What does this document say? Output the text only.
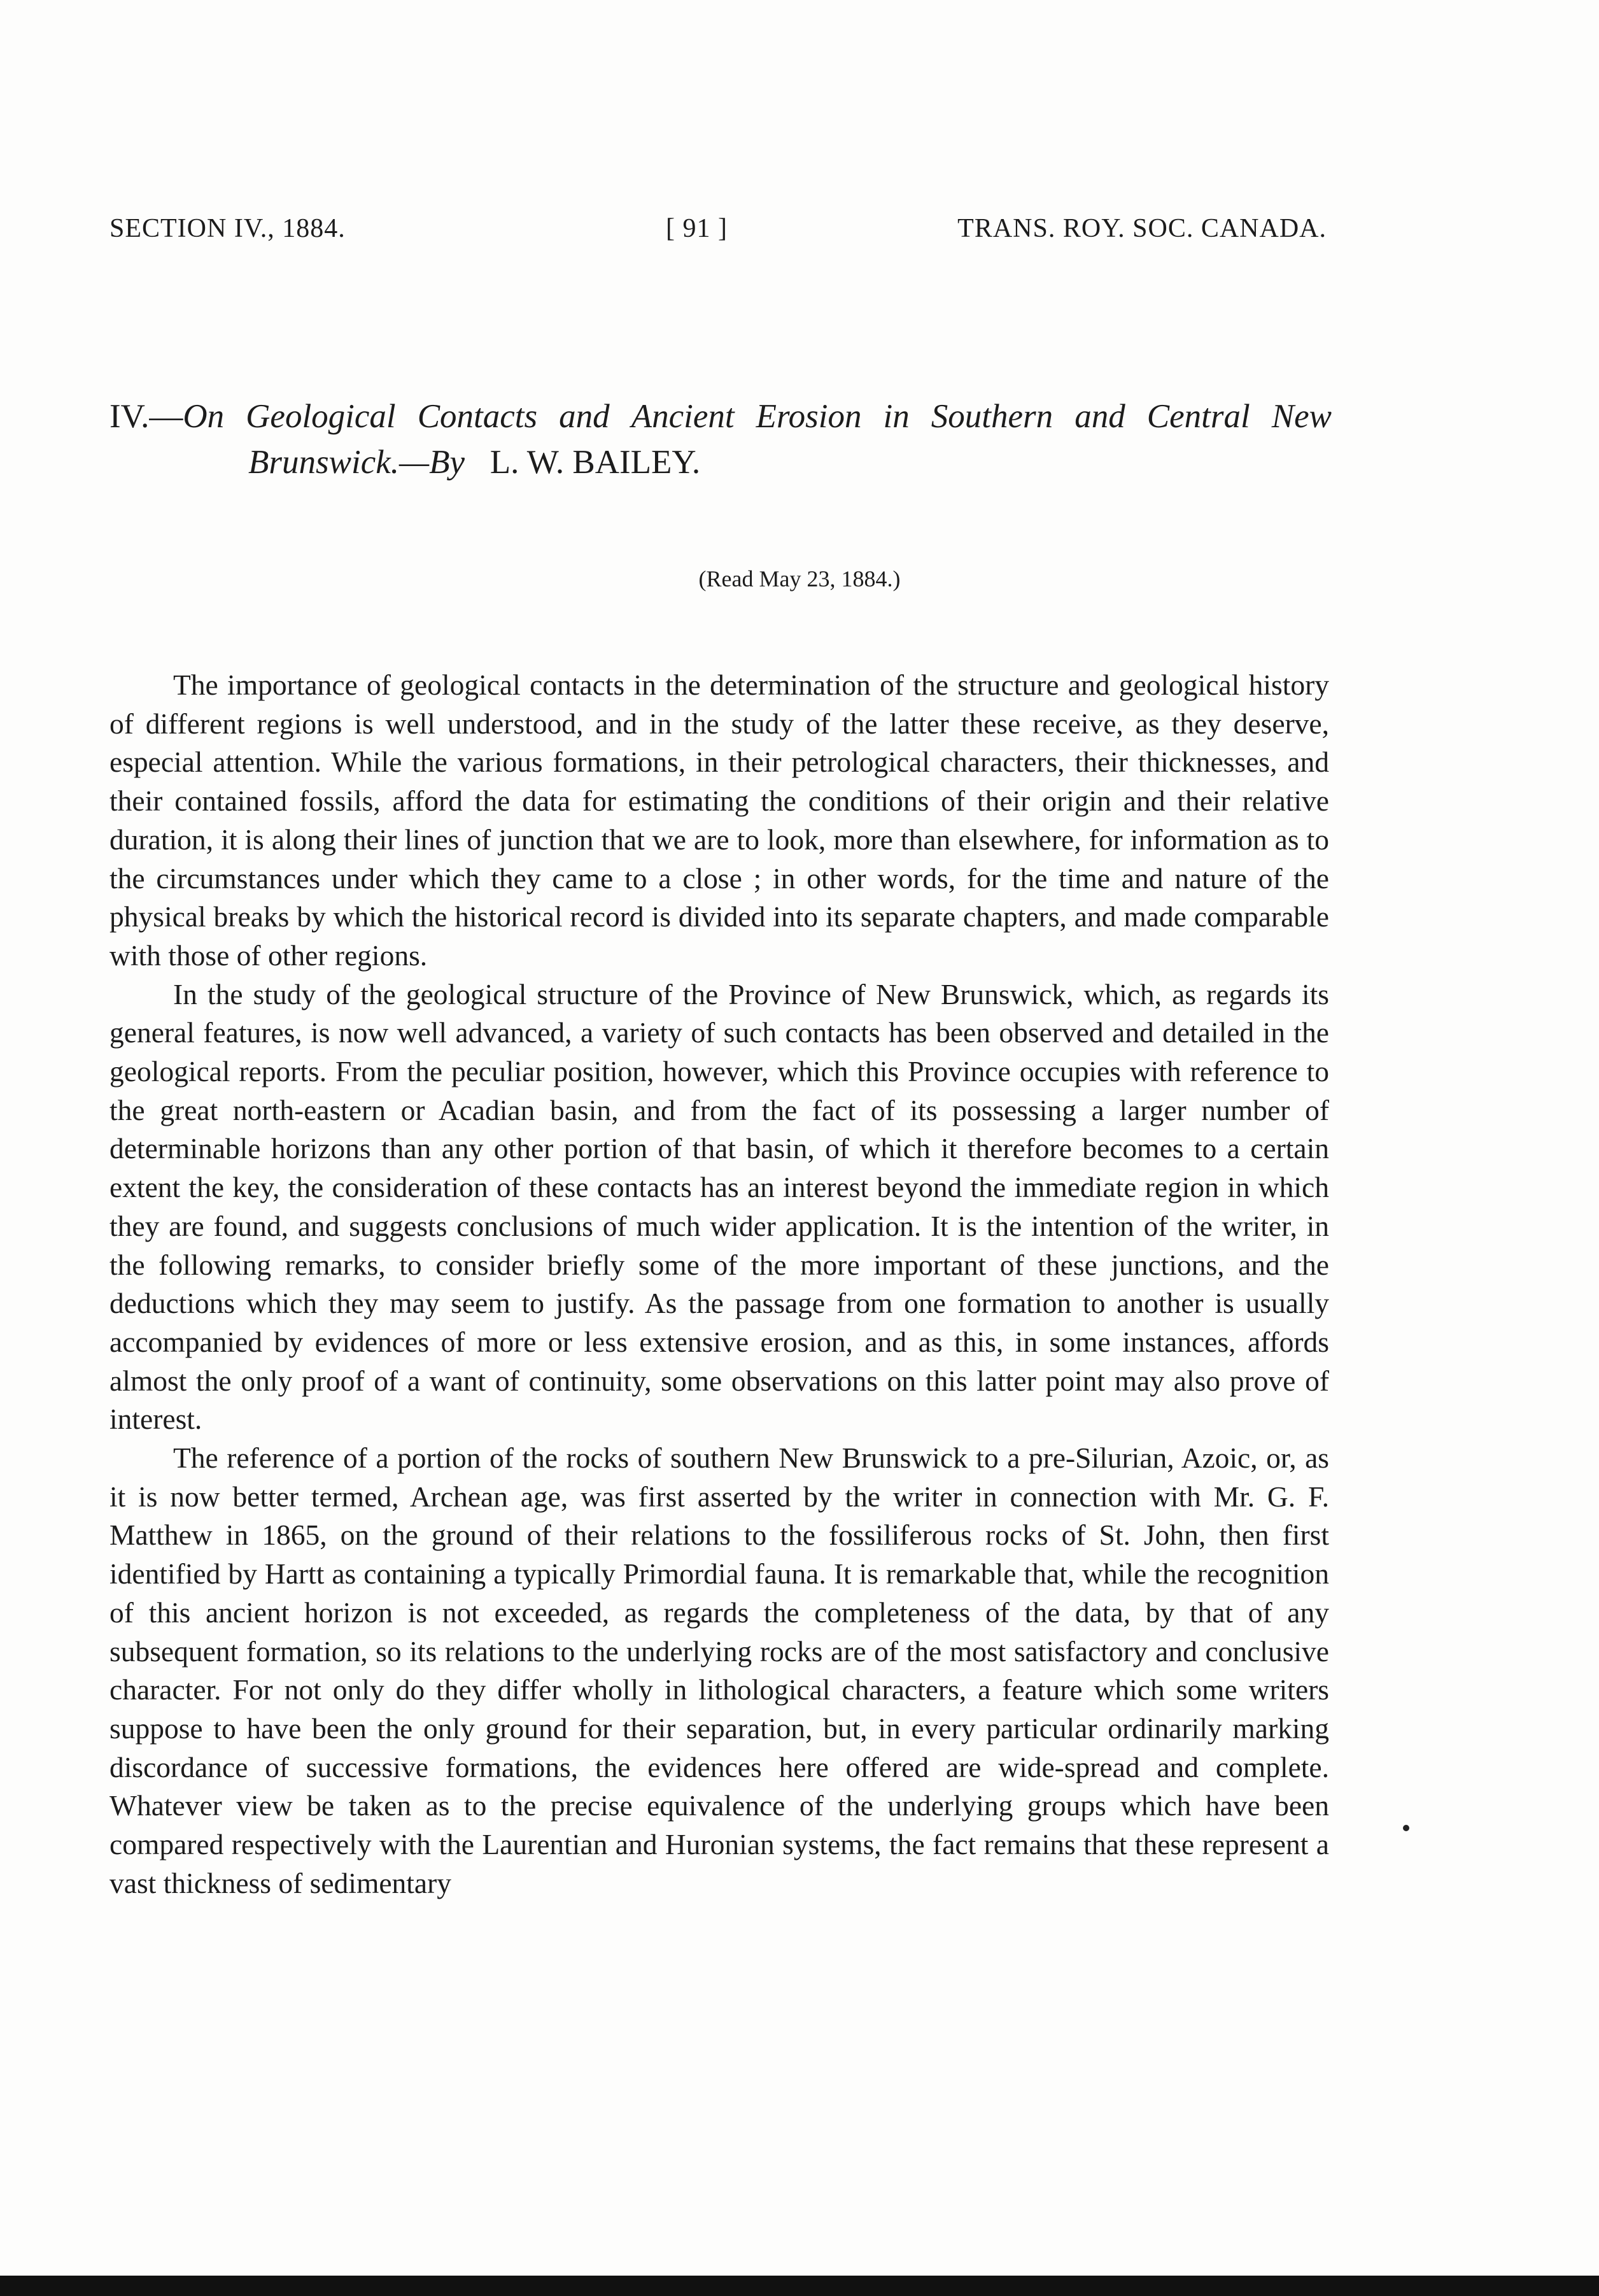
SECTION IV., 1884.	[ 91 ]	TRANS. ROY. SOC. CANADA.
IV.—On Geological Contacts and Ancient Erosion in Southern and Central New
Brunswick.—By L. W. BAILEY.
(Read May 23, 1884.)

The importance of geological contacts in the determination of the structure and geological history of different regions is well understood, and in the study of the latter these receive, as they deserve, especial attention. While the various formations, in their petrological characters, their thicknesses, and their contained fossils, afford the data for estimating the conditions of their origin and their relative duration, it is along their lines of junction that we are to look, more than elsewhere, for information as to the circumstances under which they came to a close ; in other words, for the time and nature of the physical breaks by which the historical record is divided into its separate chapters, and made comparable with those of other regions.

In the study of the geological structure of the Province of New Brunswick, which, as regards its general features, is now well advanced, a variety of such contacts has been observed and detailed in the geological reports. From the peculiar position, however, which this Province occupies with reference to the great north-eastern or Acadian basin, and from the fact of its possessing a larger number of determinable horizons than any other portion of that basin, of which it therefore becomes to a certain extent the key, the consideration of these contacts has an interest beyond the immediate region in which they are found, and suggests conclusions of much wider application. It is the intention of the writer, in the following remarks, to consider briefly some of the more important of these junctions, and the deductions which they may seem to justify. As the passage from one formation to another is usually accompanied by evidences of more or less extensive erosion, and as this, in some instances, affords almost the only proof of a want of continuity, some observations on this latter point may also prove of interest.

The reference of a portion of the rocks of southern New Brunswick to a pre-Silurian, Azoic, or, as it is now better termed, Archean age, was first asserted by the writer in connection with Mr. G. F. Matthew in 1865, on the ground of their relations to the fossiliferous rocks of St. John, then first identified by Hartt as containing a typically Primordial fauna. It is remarkable that, while the recognition of this ancient horizon is not exceeded, as regards the completeness of the data, by that of any subsequent formation, so its relations to the underlying rocks are of the most satisfactory and conclusive character. For not only do they differ wholly in lithological characters, a feature which some writers suppose to have been the only ground for their separation, but, in every particular ordinarily marking discordance of successive formations, the evidences here offered are wide-spread and complete. Whatever view be taken as to the precise equivalence of the underlying groups which have been compared respectively with the Laurentian and Huronian systems, the fact remains that these represent a vast thickness of sedimentary
